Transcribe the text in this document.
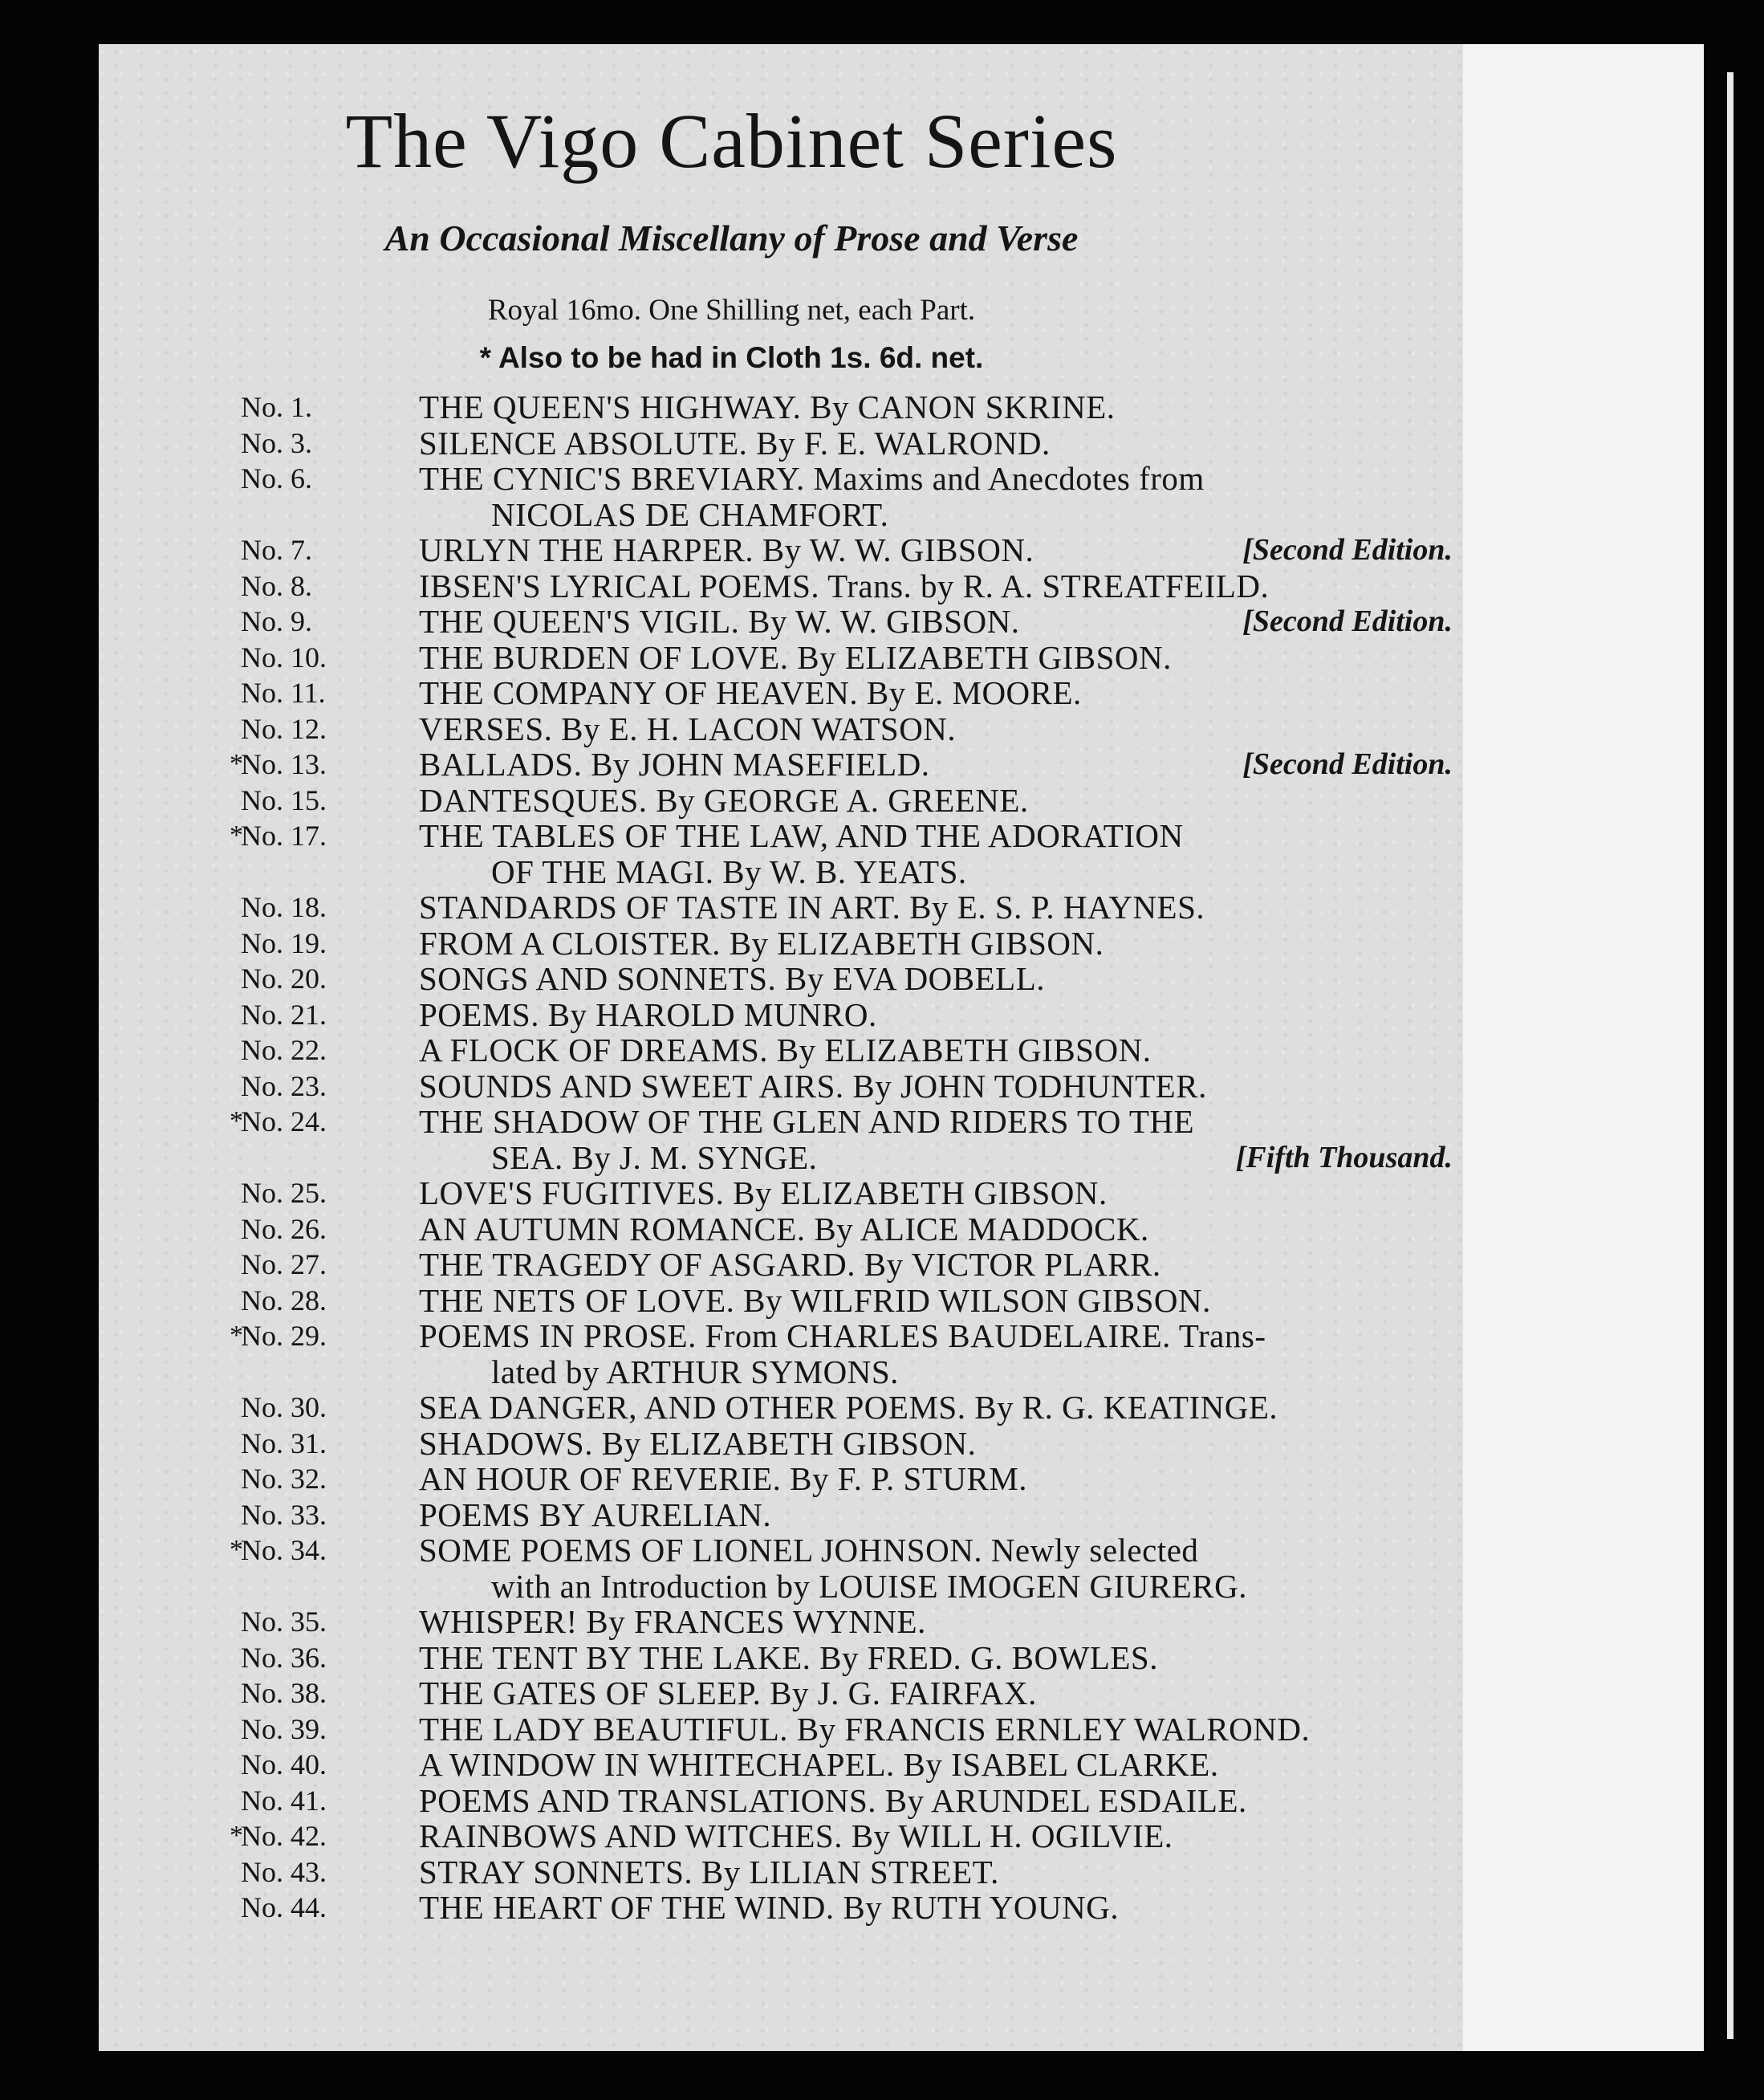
The Vigo Cabinet Series

An Occasional Miscellany of Prose and Verse

Royal 16mo. One Shilling net, each Part.

* Also to be had in Cloth 1s. 6d. net.

No. 1.	THE QUEEN'S HIGHWAY. By CANON SKRINE.
No. 3.	SILENCE ABSOLUTE. By F. E. WALROND.
No. 6.	THE CYNIC'S BREVIARY. Maxims and Anecdotes from
NICOLAS DE CHAMFORT.
No. 7.	URLYN THE HARPER. By W. W. GIBSON.	[Second Edition.
No. 8.	IBSEN'S LYRICAL POEMS. Trans. by R. A. STREATFEILD.
No. 9.	THE QUEEN'S VIGIL. By W. W. GIBSON.	[Second Edition.
No. 10.	THE BURDEN OF LOVE. By ELIZABETH GIBSON.
No. 11.	THE COMPANY OF HEAVEN. By E. MOORE.
No. 12.	VERSES. By E. H. LACON WATSON.
*
No. 13.	BALLADS. By JOHN MASEFIELD.	[Second Edition.
No. 15.	DANTESQUES. By GEORGE A. GREENE.
*
No. 17.	THE TABLES OF THE LAW, AND THE ADORATION
OF THE MAGI. By W. B. YEATS.
No. 18.	STANDARDS OF TASTE IN ART. By E. S. P. HAYNES.
No. 19.	FROM A CLOISTER. By ELIZABETH GIBSON.
No. 20.	SONGS AND SONNETS. By EVA DOBELL.
No. 21.	POEMS. By HAROLD MUNRO.
No. 22.	A FLOCK OF DREAMS. By ELIZABETH GIBSON.
No. 23.	SOUNDS AND SWEET AIRS. By JOHN TODHUNTER.
*
No. 24.	THE SHADOW OF THE GLEN AND RIDERS TO THE
SEA. By J. M. SYNGE.	[Fifth Thousand.
No. 25.	LOVE'S FUGITIVES. By ELIZABETH GIBSON.
No. 26.	AN AUTUMN ROMANCE. By ALICE MADDOCK.
No. 27.	THE TRAGEDY OF ASGARD. By VICTOR PLARR.
No. 28.	THE NETS OF LOVE. By WILFRID WILSON GIBSON.
*
No. 29.	POEMS IN PROSE. From CHARLES BAUDELAIRE. Trans-
lated by ARTHUR SYMONS.
No. 30.	SEA DANGER, AND OTHER POEMS. By R. G. KEATINGE.
No. 31.	SHADOWS. By ELIZABETH GIBSON.
No. 32.	AN HOUR OF REVERIE. By F. P. STURM.
No. 33.	POEMS BY AURELIAN.
*
No. 34.	SOME POEMS OF LIONEL JOHNSON. Newly selected
with an Introduction by LOUISE IMOGEN GIURERG.
No. 35.	WHISPER! By FRANCES WYNNE.
No. 36.	THE TENT BY THE LAKE. By FRED. G. BOWLES.
No. 38.	THE GATES OF SLEEP. By J. G. FAIRFAX.
No. 39.	THE LADY BEAUTIFUL. By FRANCIS ERNLEY WALROND.
No. 40.	A WINDOW IN WHITECHAPEL. By ISABEL CLARKE.
No. 41.	POEMS AND TRANSLATIONS. By ARUNDEL ESDAILE.
*
No. 42.	RAINBOWS AND WITCHES. By WILL H. OGILVIE.
No. 43.	STRAY SONNETS. By LILIAN STREET.
No. 44.	THE HEART OF THE WIND. By RUTH YOUNG.
